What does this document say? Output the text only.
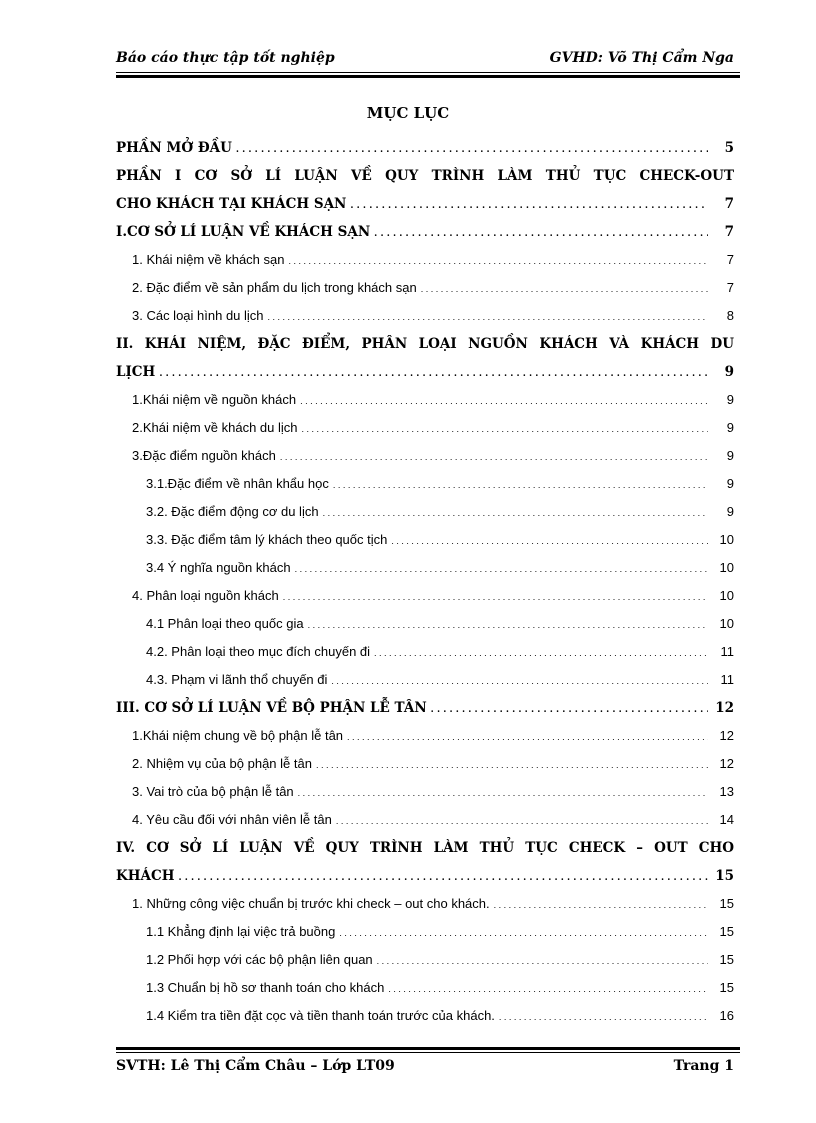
Báo cáo thực tập tốt nghiệp	GVHD: Võ Thị Cẩm Nga
MỤC LỤC
PHẦN MỞ ĐẦU . . .	5
PHẦN I CƠ SỞ LÍ LUẬN VỀ QUY TRÌNH LÀM THỦ TỤC CHECK-OUT
CHO KHÁCH TẠI KHÁCH SẠN . . .	7
I.CƠ SỞ LÍ LUẬN VỀ KHÁCH SẠN . . .	7
1. Khái niệm về khách sạn . . .	7
2. Đặc điểm về sản phẩm du lịch trong khách sạn . . .	7
3. Các loại hình du lịch . . .	8
II. KHÁI NIỆM, ĐẶC ĐIỂM, PHÂN LOẠI NGUỒN KHÁCH VÀ KHÁCH DU
LỊCH . . .	9
1.Khái niệm về nguồn khách . . .	9
2.Khái niệm về khách du lịch . . .	9
3.Đặc điểm nguồn khách . . .	9
3.1.Đặc điểm về nhân khẩu học . . .	9
3.2. Đặc điểm động cơ du lịch . . .	9
3.3. Đặc điểm tâm lý khách theo quốc tịch . . .	10
3.4 Ý nghĩa nguồn khách . . .	10
4. Phân loại nguồn khách . . .	10
4.1 Phân loại theo quốc gia . . .	10
4.2. Phân loại theo mục đích chuyến đi . . .	11
4.3. Phạm vi lãnh thổ chuyến đi . . .	11
III. CƠ SỞ LÍ LUẬN VỀ BỘ PHẬN LỄ TÂN . . .	12
1.Khái niệm chung về bộ phận lễ tân . . .	12
2. Nhiệm vụ của bộ phận lễ tân . . .	12
3. Vai trò của bộ phận lễ tân . . .	13
4. Yêu cầu đối với nhân viên lễ tân . . .	14
IV. CƠ SỞ LÍ LUẬN VỀ QUY TRÌNH LÀM THỦ TỤC CHECK – OUT CHO
KHÁCH . . .	15
1. Những công việc chuẩn bị trước khi check – out cho khách. . . .	15
1.1 Khẳng định lại việc trả buồng . . .	15
1.2 Phối hợp với các bộ phận liên quan . . .	15
1.3 Chuẩn bị hồ sơ thanh toán cho khách . . .	15
1.4 Kiểm tra tiền đặt cọc và tiền thanh toán trước của khách. . . .	16
SVTH: Lê Thị Cẩm Châu – Lớp LT09	Trang 1
